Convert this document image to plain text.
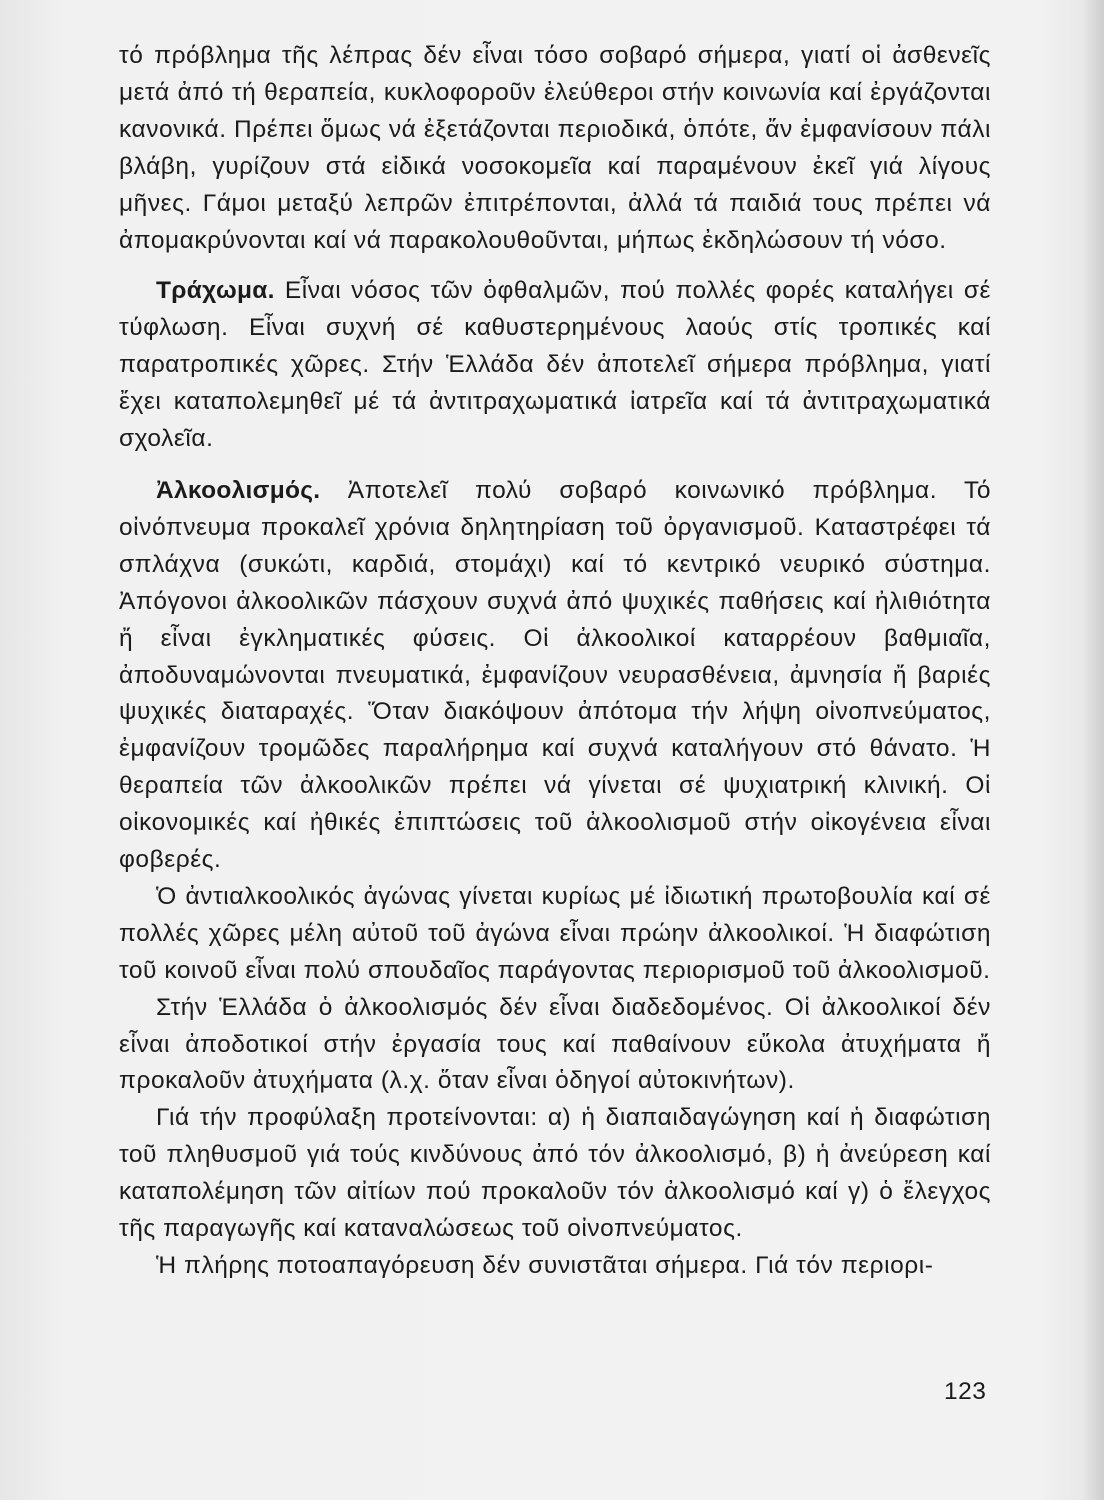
τό πρόβλημα τῆς λέπρας δέν εἶναι τόσο σοβαρό σήμερα, γιατί οἱ ἀσθενεῖς μετά ἀπό τή θεραπεία, κυκλοφοροῦν ἐλεύθεροι στήν κοινωνία καί ἐργάζονται κανονικά. Πρέπει ὅμως νά ἐξετάζονται περιοδικά, ὁπότε, ἄν ἐμφανίσουν πάλι βλάβη, γυρίζουν στά εἰδικά νοσοκομεῖα καί παραμένουν ἐκεῖ γιά λίγους μῆνες. Γάμοι μεταξύ λεπρῶν ἐπιτρέπονται, ἀλλά τά παιδιά τους πρέπει νά ἀπομακρύνονται καί νά παρακολουθοῦνται, μήπως ἐκδηλώσουν τή νόσο.

Τράχωμα. Εἶναι νόσος τῶν ὀφθαλμῶν, πού πολλές φορές καταλήγει σέ τύφλωση. Εἶναι συχνή σέ καθυστερημένους λαούς στίς τροπικές καί παρατροπικές χῶρες. Στήν Ἑλλάδα δέν ἀποτελεῖ σήμερα πρόβλημα, γιατί ἔχει καταπολεμηθεῖ μέ τά ἀντιτραχωματικά ἰατρεῖα καί τά ἀντιτραχωματικά σχολεῖα.

Ἀλκοολισμός. Ἀποτελεῖ πολύ σοβαρό κοινωνικό πρόβλημα. Τό οἰνόπνευμα προκαλεῖ χρόνια δηλητηρίαση τοῦ ὀργανισμοῦ. Καταστρέφει τά σπλάχνα (συκώτι, καρδιά, στομάχι) καί τό κεντρικό νευρικό σύστημα. Ἀπόγονοι ἀλκοολικῶν πάσχουν συχνά ἀπό ψυχικές παθήσεις καί ἠλιθιότητα ἤ εἶναι ἐγκληματικές φύσεις. Οἱ ἀλκοολικοί καταρρέουν βαθμιαῖα, ἀποδυναμώνονται πνευματικά, ἐμφανίζουν νευρασθένεια, ἀμνησία ἤ βαριές ψυχικές διαταραχές. Ὅταν διακόψουν ἀπότομα τήν λήψη οἰνοπνεύματος, ἐμφανίζουν τρομῶδες παραλήρημα καί συχνά καταλήγουν στό θάνατο. Ἡ θεραπεία τῶν ἀλκοολικῶν πρέπει νά γίνεται σέ ψυχιατρική κλινική. Οἱ οἰκονομικές καί ἠθικές ἐπιπτώσεις τοῦ ἀλκοολισμοῦ στήν οἰκογένεια εἶναι φοβερές.

Ὁ ἀντιαλκοολικός ἀγώνας γίνεται κυρίως μέ ἰδιωτική πρωτοβουλία καί σέ πολλές χῶρες μέλη αὐτοῦ τοῦ ἀγώνα εἶναι πρώην ἀλκοολικοί. Ἡ διαφώτιση τοῦ κοινοῦ εἶναι πολύ σπουδαῖος παράγοντας περιορισμοῦ τοῦ ἀλκοολισμοῦ.

Στήν Ἑλλάδα ὁ ἀλκοολισμός δέν εἶναι διαδεδομένος. Οἱ ἀλκοολικοί δέν εἶναι ἀποδοτικοί στήν ἐργασία τους καί παθαίνουν εὔκολα ἀτυχήματα ἤ προκαλοῦν ἀτυχήματα (λ.χ. ὅταν εἶναι ὁδηγοί αὐτοκινήτων).

Γιά τήν προφύλαξη προτείνονται: α) ἡ διαπαιδαγώγηση καί ἡ διαφώτιση τοῦ πληθυσμοῦ γιά τούς κινδύνους ἀπό τόν ἀλκοολισμό, β) ἡ ἀνεύρεση καί καταπολέμηση τῶν αἰτίων πού προκαλοῦν τόν ἀλκοολισμό καί γ) ὁ ἔλεγχος τῆς παραγωγῆς καί καταναλώσεως τοῦ οἰνοπνεύματος.

Ἡ πλήρης ποτοαπαγόρευση δέν συνιστᾶται σήμερα. Γιά τόν περιορι-

123
